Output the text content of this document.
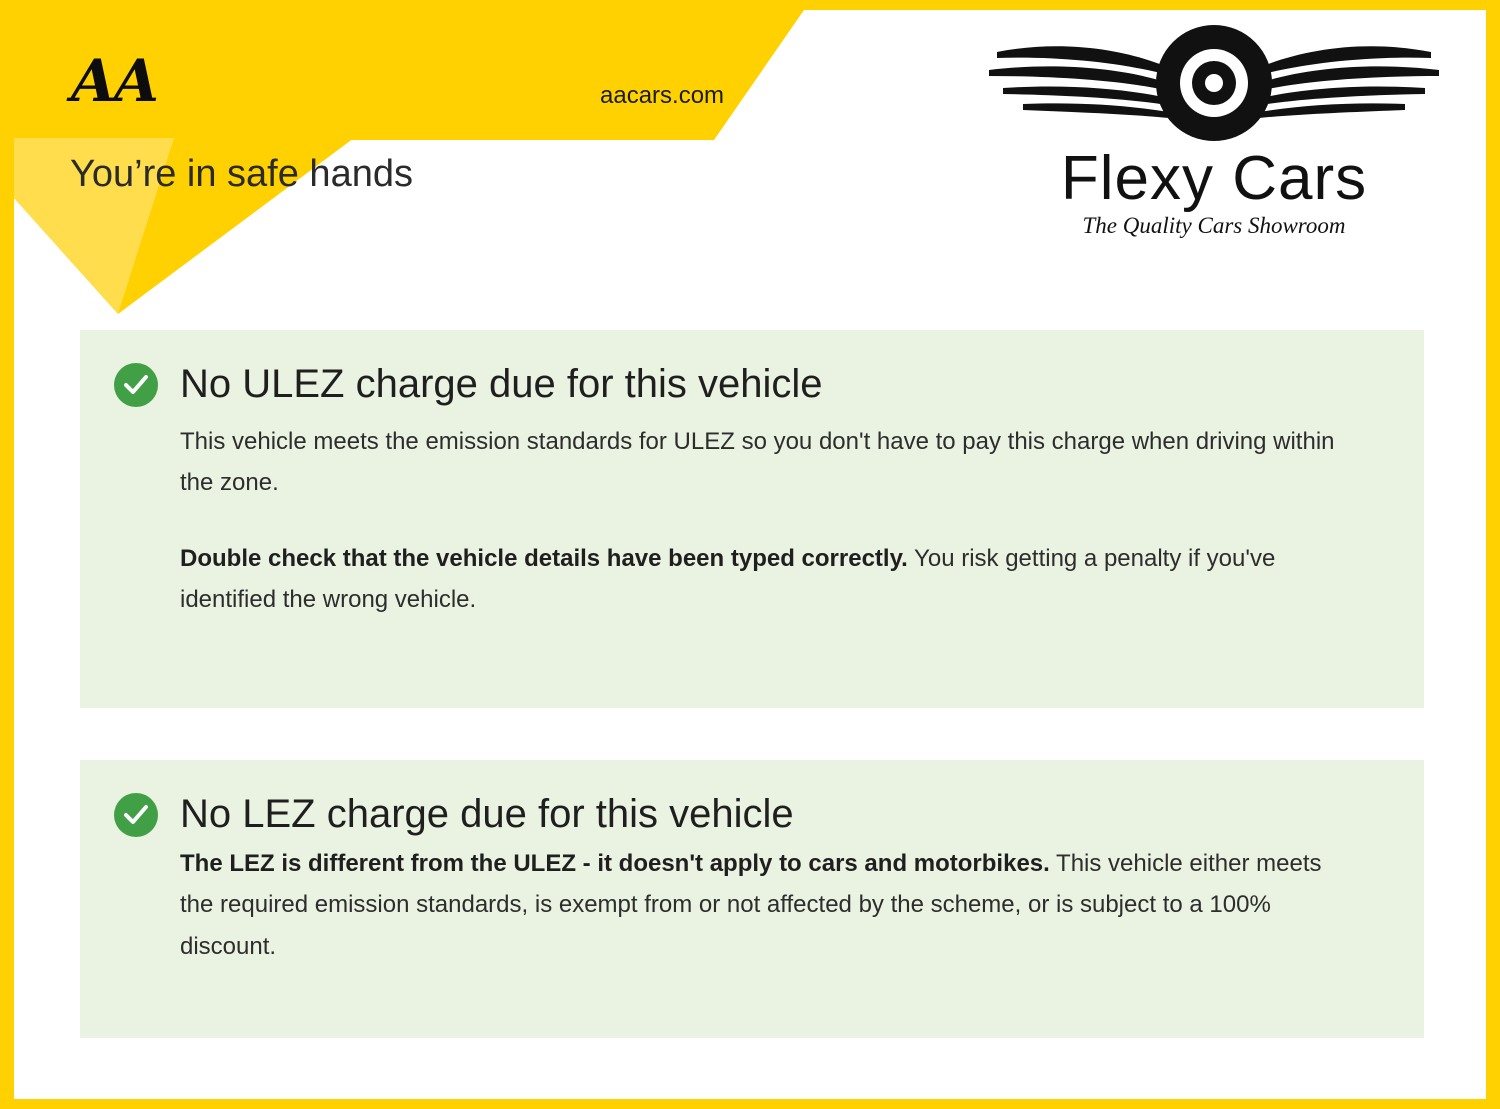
AA	aacars.com
You’re in safe hands	Flexy Cars
The Quality Cars Showroom
No ULEZ charge due for this vehicle

This vehicle meets the emission standards for ULEZ so you don't have to pay this charge when driving within the zone.

Double check that the vehicle details have been typed correctly. You risk getting a penalty if you've identified the wrong vehicle.

No LEZ charge due for this vehicle

The LEZ is different from the ULEZ - it doesn't apply to cars and motorbikes. This vehicle either meets the required emission standards, is exempt from or not affected by the scheme, or is subject to a 100% discount.
